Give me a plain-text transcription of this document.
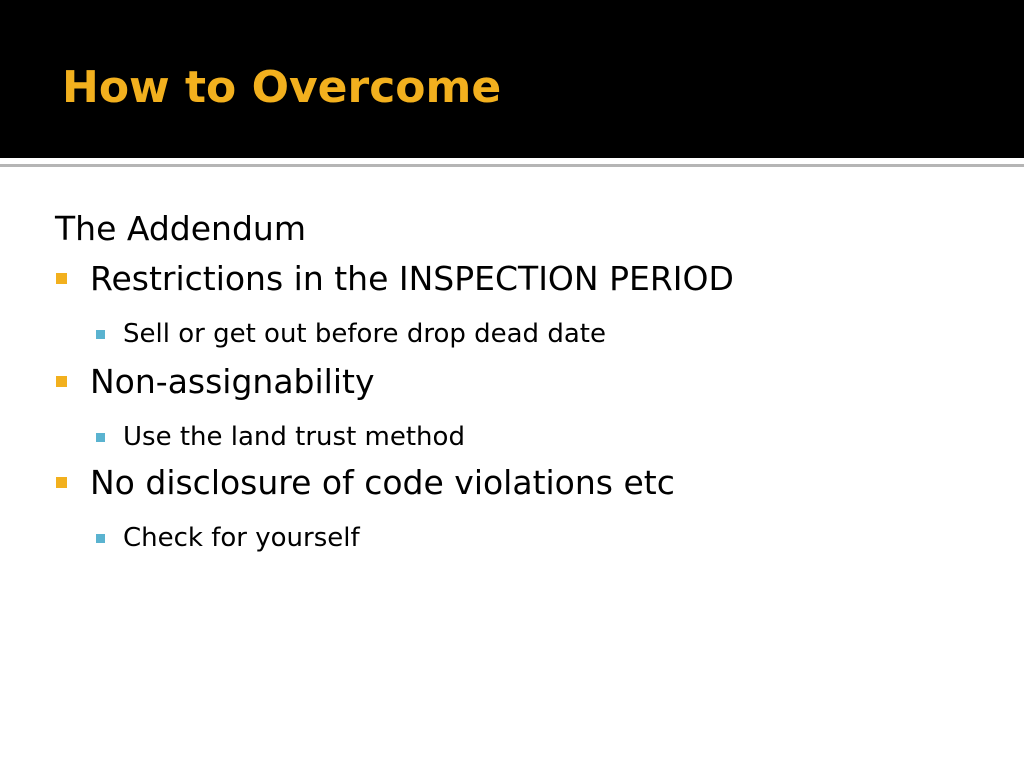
How to Overcome
The Addendum
Restrictions in the INSPECTION PERIOD
Sell or get out before drop dead date
Non-assignability
Use the land trust method
No disclosure of code violations etc
Check for yourself
